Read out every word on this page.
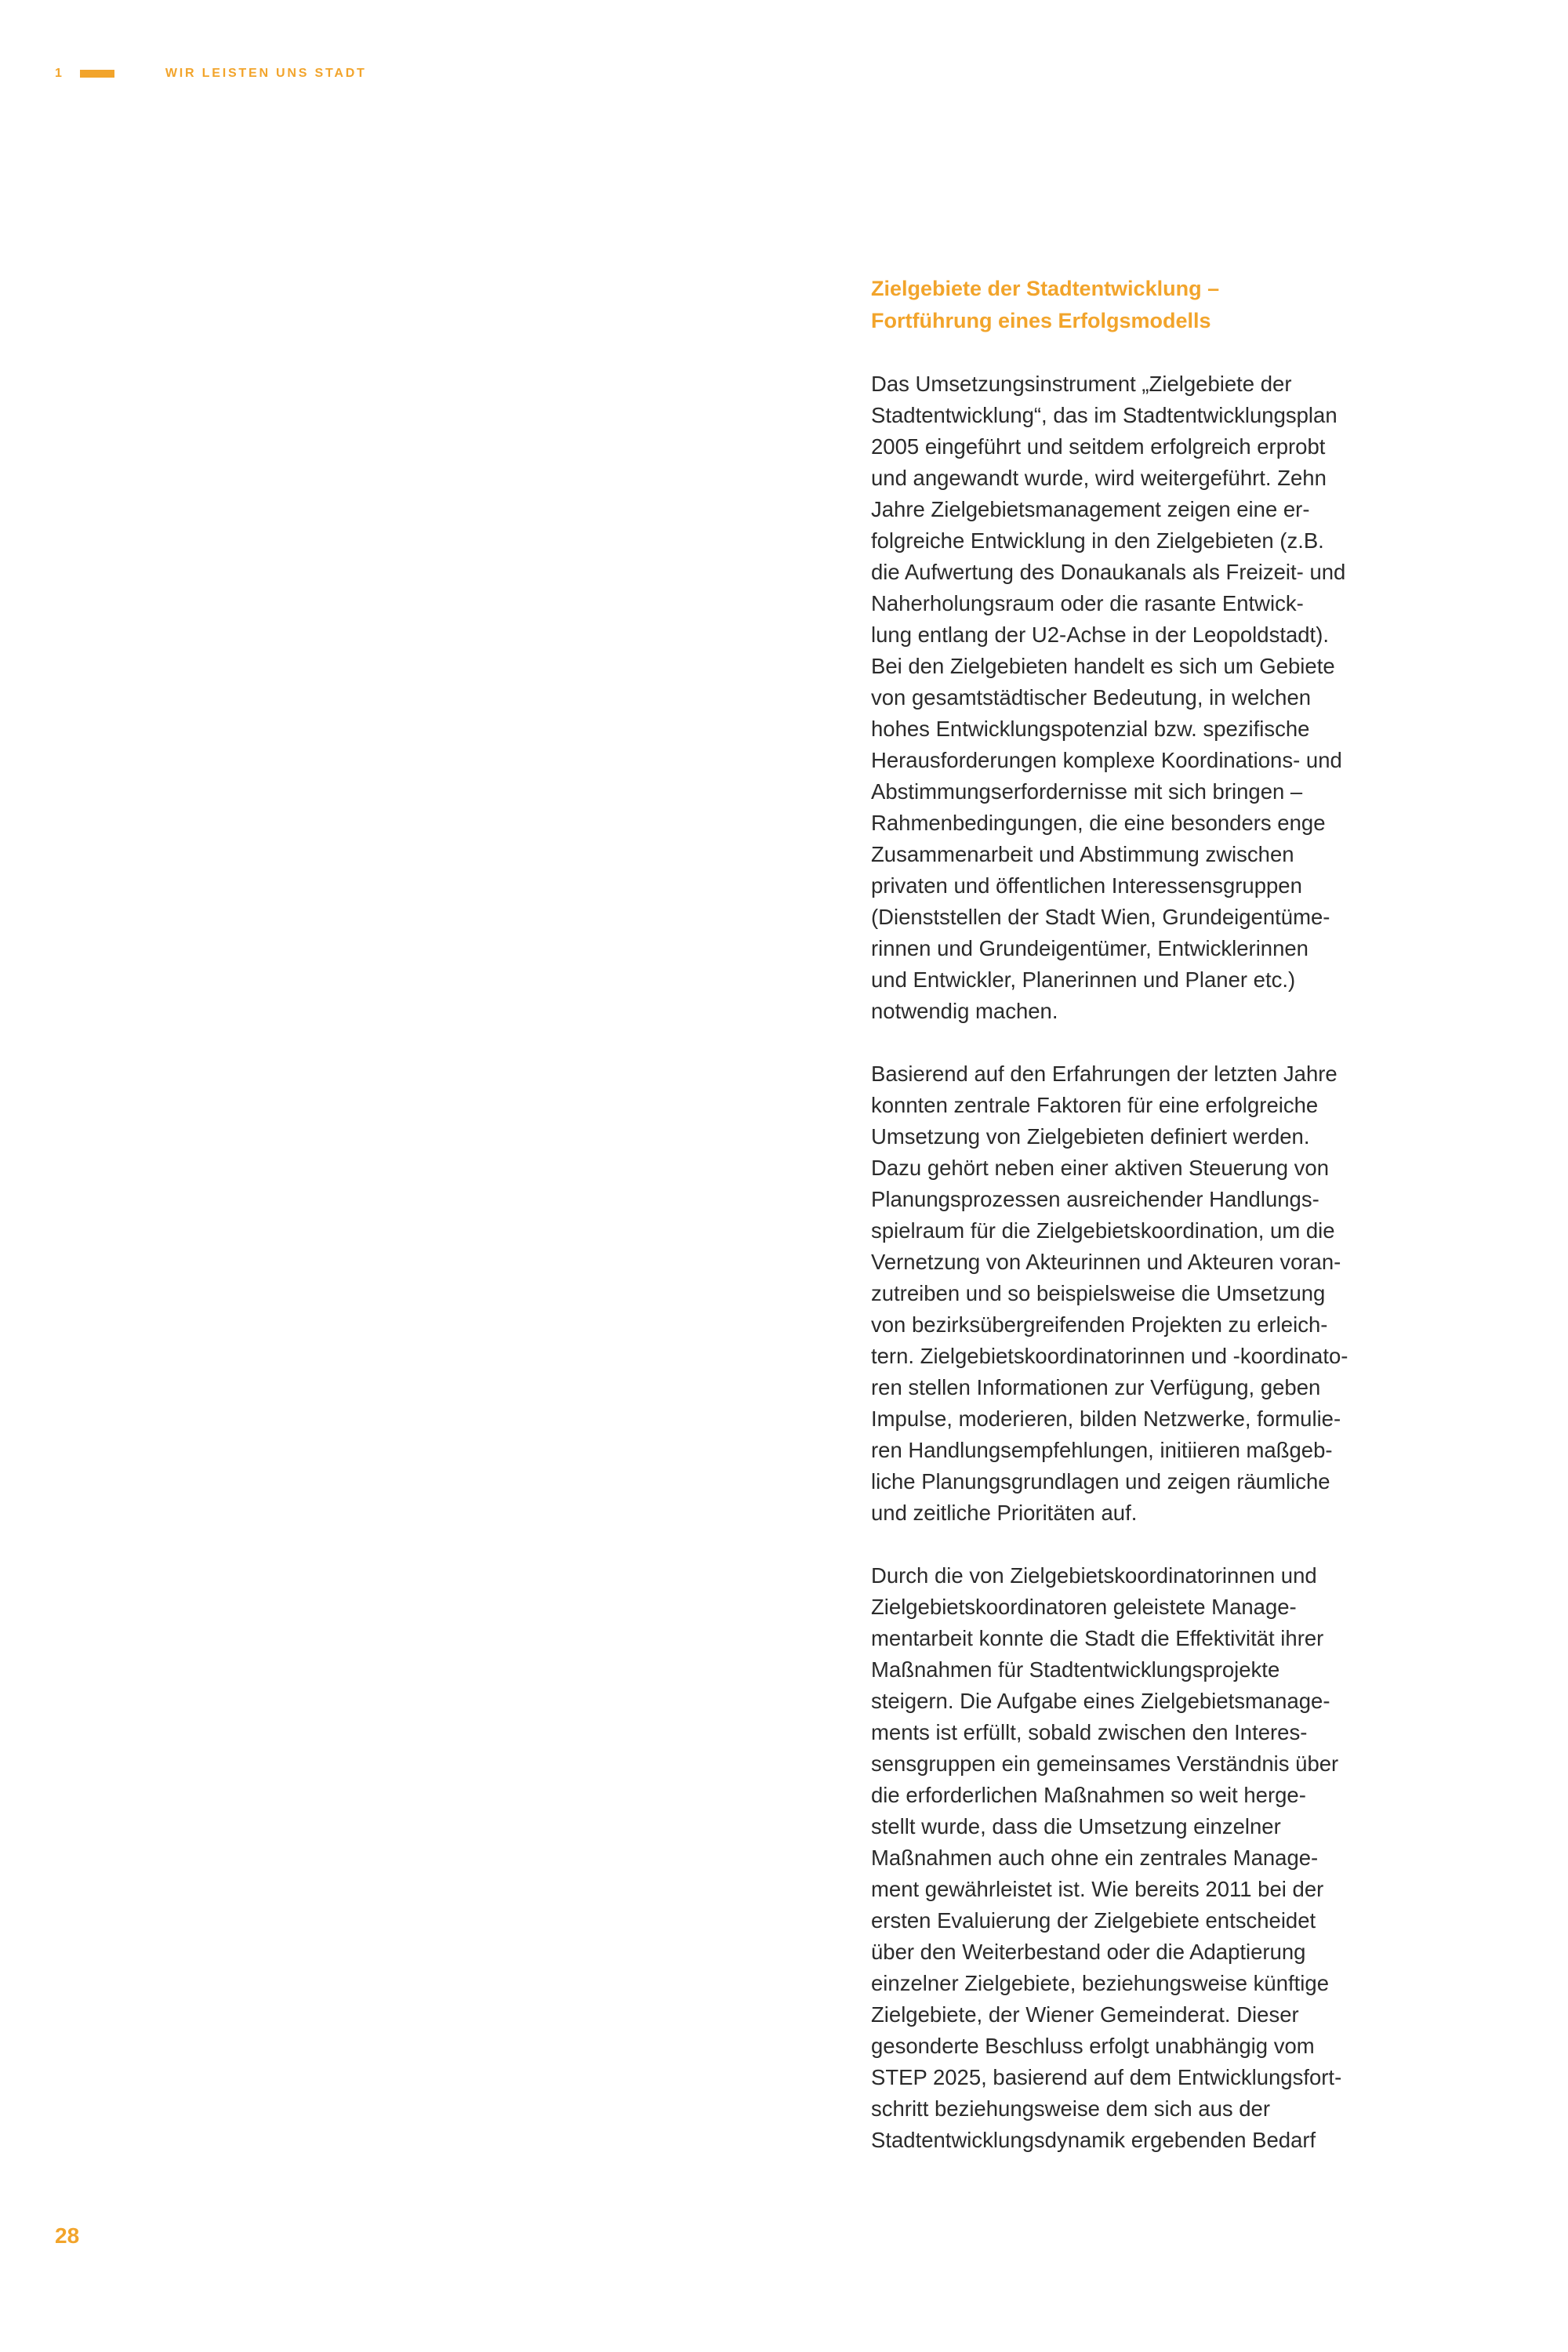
1	WIR LEISTEN UNS STADT
Zielgebiete der Stadtentwicklung –
Fortführung eines Erfolgsmodells

Das Umsetzungsinstrument „Zielgebiete der
Stadtentwicklung“, das im Stadtentwicklungsplan
2005 eingeführt und seitdem erfolgreich erprobt
und angewandt wurde, wird weitergeführt. Zehn
Jahre Zielgebietsmanagement zeigen eine er-
folgreiche Entwicklung in den Zielgebieten (z.B.
die Aufwertung des Donaukanals als Freizeit- und
Naherholungsraum oder die rasante Entwick-
lung entlang der U2-Achse in der Leopoldstadt).
Bei den Zielgebieten handelt es sich um Gebiete
von gesamtstädtischer Bedeutung, in welchen
hohes Entwicklungspotenzial bzw. spezifische
Herausforderungen komplexe Koordinations- und
Abstimmungserfordernisse mit sich bringen –
Rahmenbedingungen, die eine besonders enge
Zusammenarbeit und Abstimmung zwischen
privaten und öffentlichen Interessensgruppen
(Dienststellen der Stadt Wien, Grundeigentüme-
rinnen und Grundeigentümer, Entwicklerinnen
und Entwickler, Planerinnen und Planer etc.)
notwendig machen.

Basierend auf den Erfahrungen der letzten Jahre
konnten zentrale Faktoren für eine erfolgreiche
Umsetzung von Zielgebieten definiert werden.
Dazu gehört neben einer aktiven Steuerung von
Planungsprozessen ausreichender Handlungs-
spielraum für die Zielgebietskoordination, um die
Vernetzung von Akteurinnen und Akteuren voran-
zutreiben und so beispielsweise die Umsetzung
von bezirksübergreifenden Projekten zu erleich-
tern. Zielgebietskoordinatorinnen und -koordinato-
ren stellen Informationen zur Verfügung, geben
Impulse, moderieren, bilden Netzwerke, formulie-
ren Handlungsempfehlungen, initiieren maßgeb-
liche Planungsgrundlagen und zeigen räumliche
und zeitliche Prioritäten auf.

Durch die von Zielgebietskoordinatorinnen und
Zielgebietskoordinatoren geleistete Manage-
mentarbeit konnte die Stadt die Effektivität ihrer
Maßnahmen für Stadtentwicklungsprojekte
steigern. Die Aufgabe eines Zielgebietsmanage-
ments ist erfüllt, sobald zwischen den Interes-
sensgruppen ein gemeinsames Verständnis über
die erforderlichen Maßnahmen so weit herge-
stellt wurde, dass die Umsetzung einzelner
Maßnahmen auch ohne ein zentrales Manage-
ment gewährleistet ist. Wie bereits 2011 bei der
ersten Evaluierung der Zielgebiete entscheidet
über den Weiterbestand oder die Adaptierung
einzelner Zielgebiete, beziehungsweise künftige
Zielgebiete, der Wiener Gemeinderat. Dieser
gesonderte Beschluss erfolgt unabhängig vom
STEP 2025, basierend auf dem Entwicklungsfort-
schritt beziehungsweise dem sich aus der
Stadtentwicklungsdynamik ergebenden Bedarf

28
